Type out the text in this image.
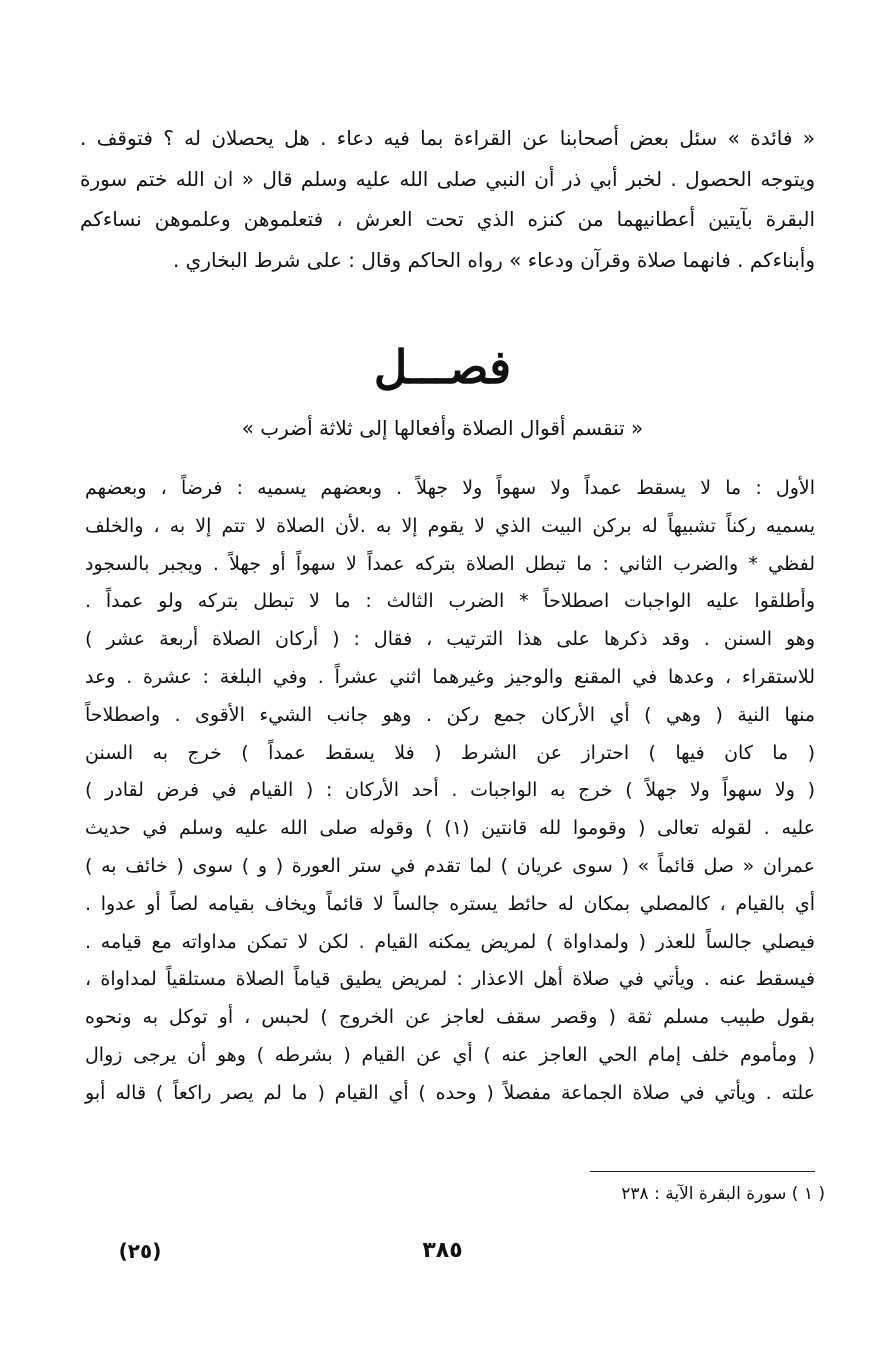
« فائدة » سئل بعض أصحابنا عن القراءة بما فيه دعاء . هل يحصلان له ؟ فتوقف .
ويتوجه الحصول . لخبر أبي ذر أن النبي صلى الله عليه وسلم قال « ان الله ختم سورة
البقرة بآيتين أعطانيهما من كنزه الذي تحت العرش ، فتعلموهن وعلموهن نساءكم
وأبناءكم . فانهما صلاة وقرآن ودعاء » رواه الحاكم وقال : على شرط البخاري .
فصـــل
« تنقسم أقوال الصلاة وأفعالها إلى ثلاثة أضرب »
الأول : ما لا يسقط عمداً ولا سهواً ولا جهلاً . وبعضهم يسميه : فرضاً ، وبعضهم
يسميه ركناً تشبيهاً له بركن البيت الذي لا يقوم إلا به .لأن الصلاة لا تتم إلا به ، والخلف
لفظي * والضرب الثاني : ما تبطل الصلاة بتركه عمداً لا سهواً أو جهلاً . ويجبر بالسجود
وأطلقوا عليه الواجبات اصطلاحاً * الضرب الثالث : ما لا تبطل بتركه ولو عمداً .
وهو السنن . وقد ذكرها على هذا الترتيب ، فقال : ( أركان الصلاة أربعة عشر )
للاستقراء ، وعدها في المقنع والوجيز وغيرهما اثني عشراً . وفي البلغة : عشرة . وعد
منها النية ( وهي ) أي الأركان جمع ركن . وهو جانب الشيء الأقوى . واصطلاحاً
( ما كان فيها ) احتراز عن الشرط ( فلا يسقط عمداً ) خرج به السنن
( ولا سهواً ولا جهلاً ) خرج به الواجبات . أحد الأركان : ( القيام في فرض لقادر )
عليه . لقوله تعالى ( وقوموا لله قانتين (١) ) وقوله صلى الله عليه وسلم في حديث
عمران « صل قائماً » ( سوى عريان ) لما تقدم في ستر العورة ( و ) سوى ( خائف به )
أي بالقيام ، كالمصلي بمكان له حائط يستره جالساً لا قائماً ويخاف بقيامه لصاً أو عدوا .
فيصلي جالساً للعذر ( ولمداواة ) لمريض يمكنه القيام . لكن لا تمكن مداواته مع قيامه .
فيسقط عنه . ويأتي في صلاة أهل الاعذار : لمريض يطيق قياماً الصلاة مستلقياً لمداواة ،
بقول طبيب مسلم ثقة ( وقصر سقف لعاجز عن الخروج ) لحبس ، أو توكل به ونحوه
( ومأموم خلف إمام الحي العاجز عنه ) أي عن القيام ( بشرطه ) وهو أن يرجى زوال
علته . ويأتي في صلاة الجماعة مفصلاً ( وحده ) أي القيام ( ما لم يصر راكعاً ) قاله أبو
( ١ ) سورة البقرة الآية : ٢٣٨
٣٨٥
(٢٥)
